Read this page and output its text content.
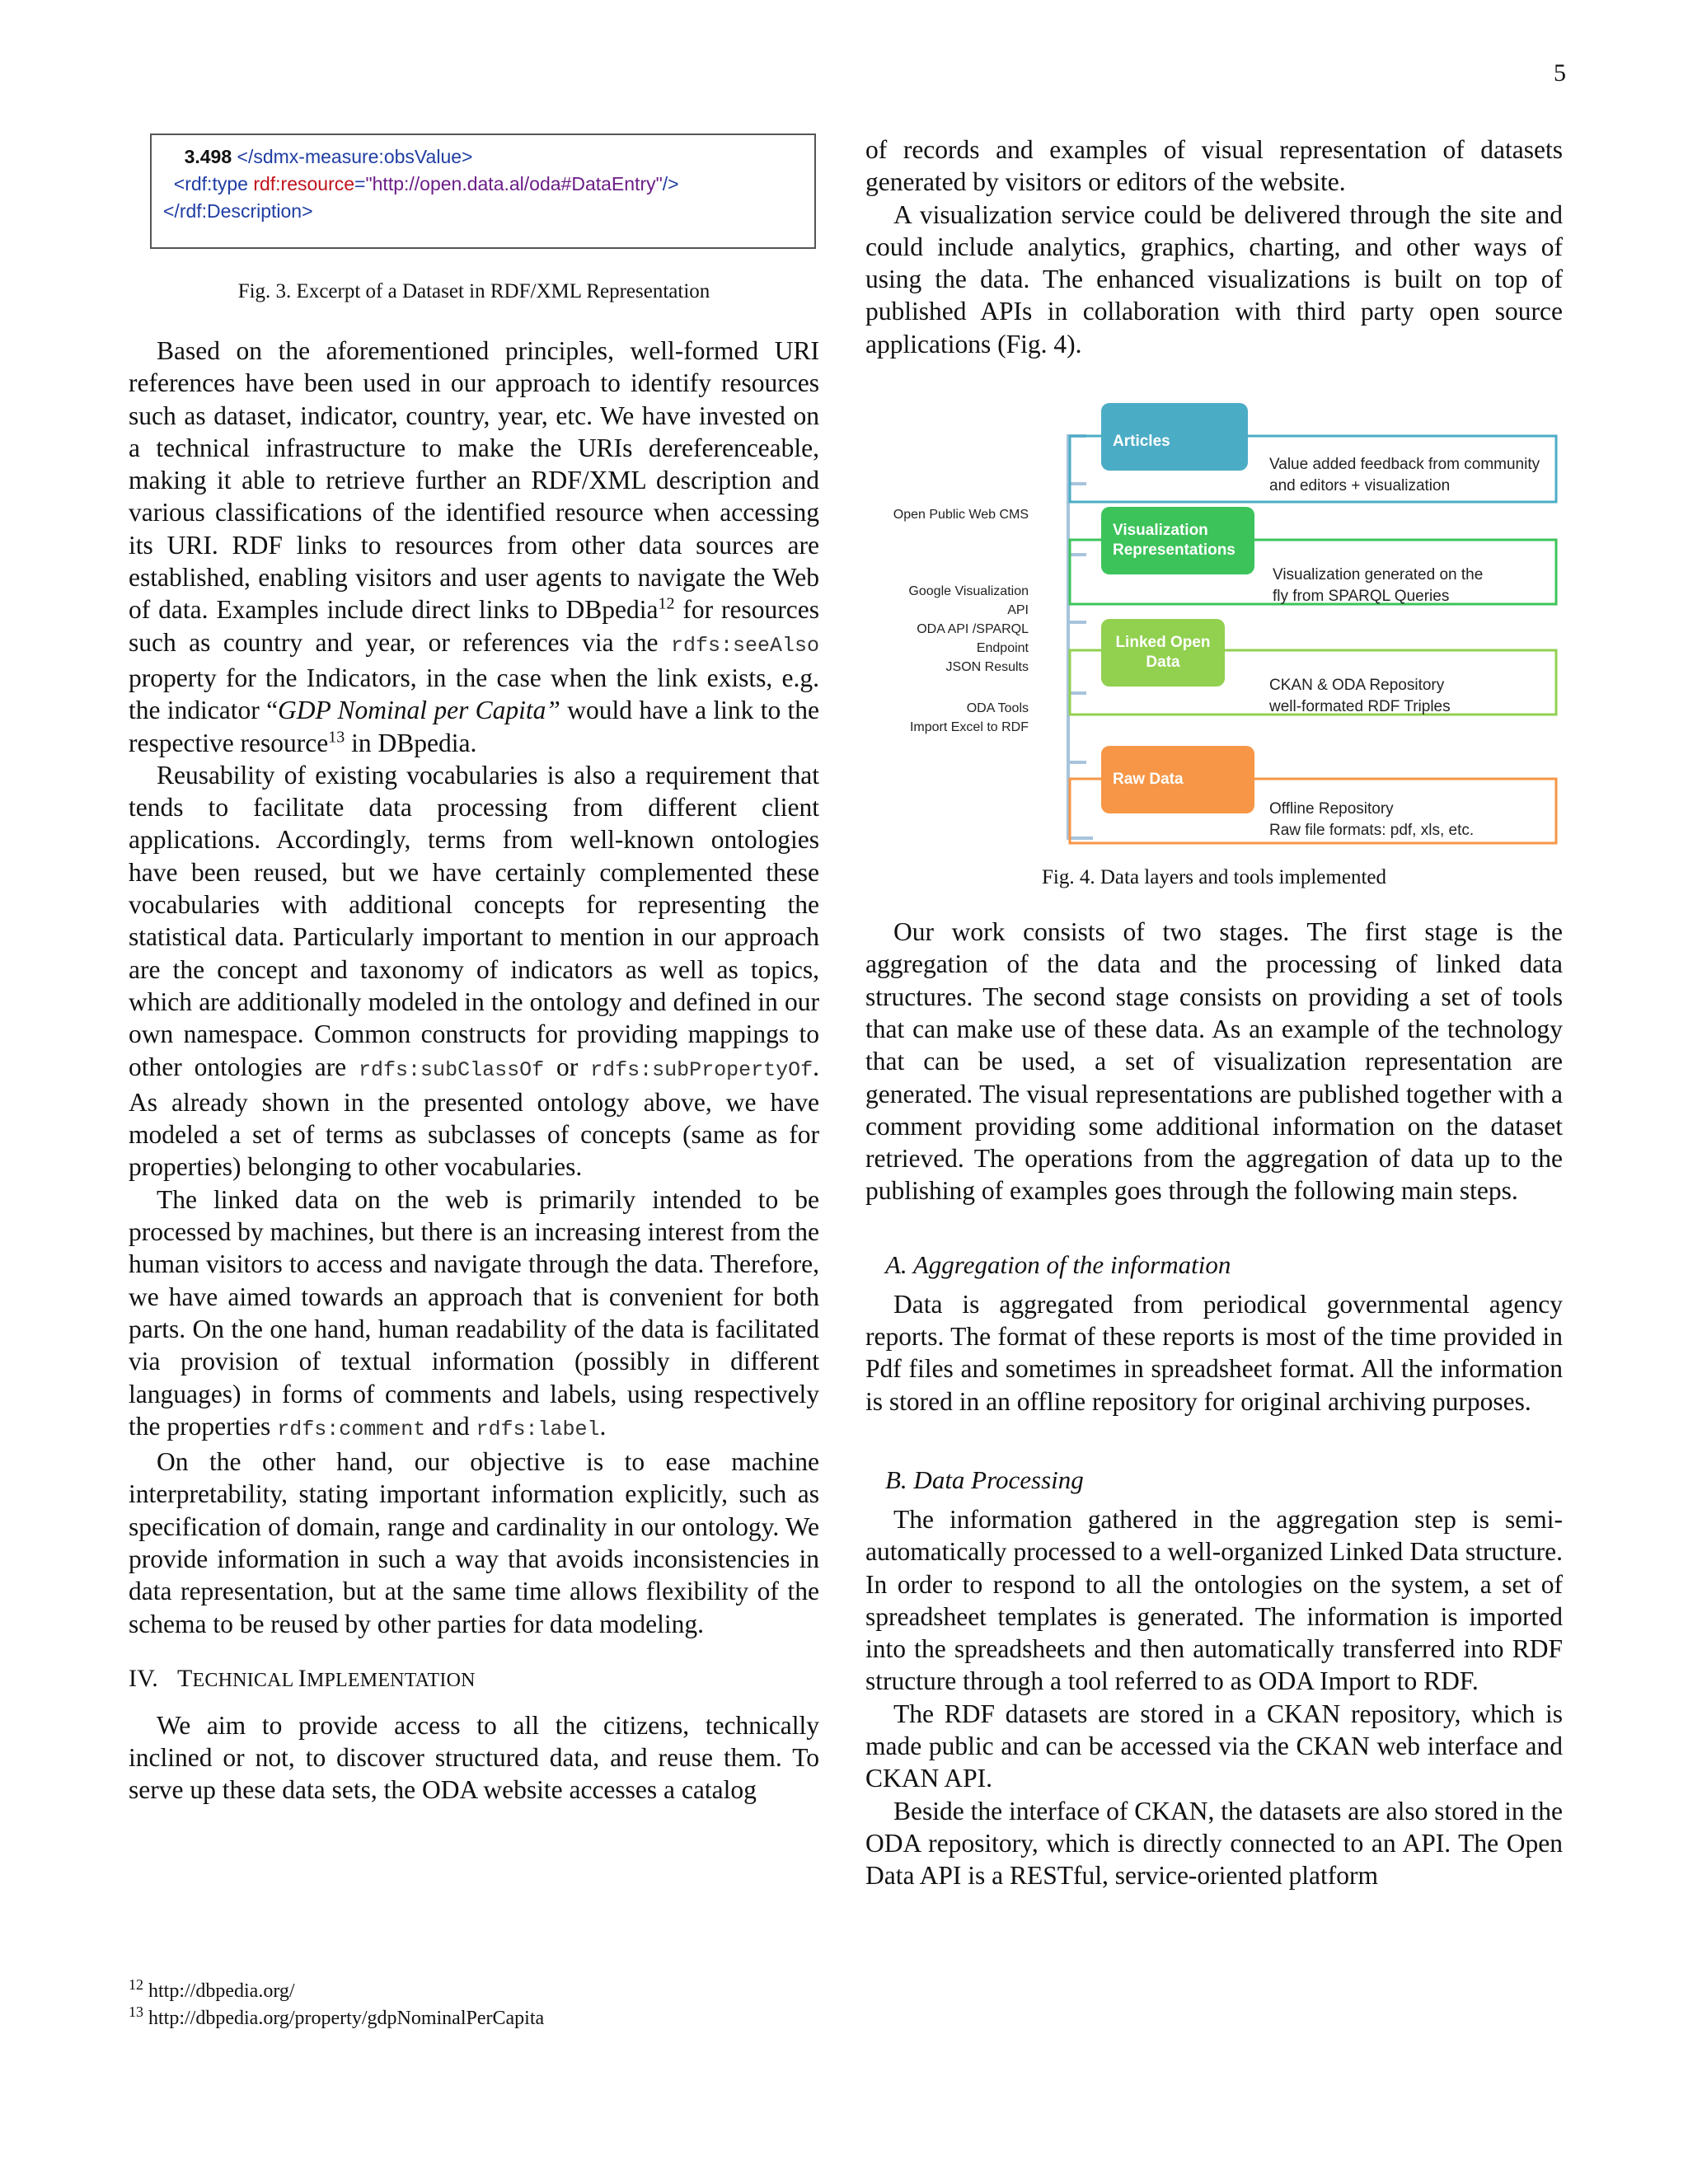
5
3.498 </sdmx-measure:obsValue>
<rdf:type rdf:resource="http://open.data.al/oda#DataEntry"/>
</rdf:Description>

Fig. 3. Excerpt of a Dataset in RDF/XML Representation

Based on the aforementioned principles, well-formed URI references have been used in our approach to identify resources such as dataset, indicator, country, year, etc. We have invested on a technical infrastructure to make the URIs dereferenceable, making it able to retrieve further an RDF/XML description and various classifications of the identified resource when accessing its URI. RDF links to resources from other data sources are established, enabling visitors and user agents to navigate the Web of data. Examples include direct links to DBpedia$^{12}$ for resources such as country and year, or references via the rdfs:seeAlso property for the Indicators, in the case when the link exists, e.g. the indicator “GDP Nominal per Capita” would have a link to the respective resource$^{13}$ in DBpedia.

Reusability of existing vocabularies is also a requirement that tends to facilitate data processing from different client applications. Accordingly, terms from well-known ontologies have been reused, but we have certainly complemented these vocabularies with additional concepts for representing the statistical data. Particularly important to mention in our approach are the concept and taxonomy of indicators as well as topics, which are additionally modeled in the ontology and defined in our own namespace. Common constructs for providing mappings to other ontologies are rdfs:subClassOf or rdfs:subPropertyOf. As already shown in the presented ontology above, we have modeled a set of terms as subclasses of concepts (same as for properties) belonging to other vocabularies.

The linked data on the web is primarily intended to be processed by machines, but there is an increasing interest from the human visitors to access and navigate through the data. Therefore, we have aimed towards an approach that is convenient for both parts. On the one hand, human readability of the data is facilitated via provision of textual information (possibly in different languages) in forms of comments and labels, using respectively the properties rdfs:comment and rdfs:label.

On the other hand, our objective is to ease machine interpretability, stating important information explicitly, such as specification of domain, range and cardinality in our ontology. We provide information in such a way that avoids inconsistencies in data representation, but at the same time allows flexibility of the schema to be reused by other parties for data modeling.

IV. TECHNICAL IMPLEMENTATION

We aim to provide access to all the citizens, technically inclined or not, to discover structured data, and reuse them. To serve up these data sets, the ODA website accesses a catalog

$^{12}$ http://dbpedia.org/
$^{13}$ http://dbpedia.org/property/gdpNominalPerCapita

of records and examples of visual representation of datasets generated by visitors or editors of the website.

A visualization service could be delivered through the site and could include analytics, graphics, charting, and other ways of using the data. The enhanced visualizations is built on top of published APIs in collaboration with third party open source applications (Fig. 4).

Articles
Value added feedback from community
and editors + visualization
Visualization
Representations
Visualization generated on the
fly from SPARQL Queries
Linked Open
Data
CKAN & ODA Repository
well-formated RDF Triples
Raw Data
Offline Repository
Raw file formats: pdf, xls, etc.
Open Public Web CMS
Google Visualization
API
ODA API /SPARQL
Endpoint
JSON Results
ODA Tools
Import Excel to RDF

Fig. 4. Data layers and tools implemented

Our work consists of two stages. The first stage is the aggregation of the data and the processing of linked data structures. The second stage consists on providing a set of tools that can make use of these data. As an example of the technology that can be used, a set of visualization representation are generated. The visual representations are published together with a comment providing some additional information on the dataset retrieved. The operations from the aggregation of data up to the publishing of examples goes through the following main steps.

A. Aggregation of the information

Data is aggregated from periodical governmental agency reports. The format of these reports is most of the time provided in Pdf files and sometimes in spreadsheet format. All the information is stored in an offline repository for original archiving purposes.

B. Data Processing

The information gathered in the aggregation step is semi-automatically processed to a well-organized Linked Data structure. In order to respond to all the ontologies on the system, a set of spreadsheet templates is generated. The information is imported into the spreadsheets and then automatically transferred into RDF structure through a tool referred to as ODA Import to RDF.

The RDF datasets are stored in a CKAN repository, which is made public and can be accessed via the CKAN web interface and CKAN API.

Beside the interface of CKAN, the datasets are also stored in the ODA repository, which is directly connected to an API. The Open Data API is a RESTful, service-oriented platform
